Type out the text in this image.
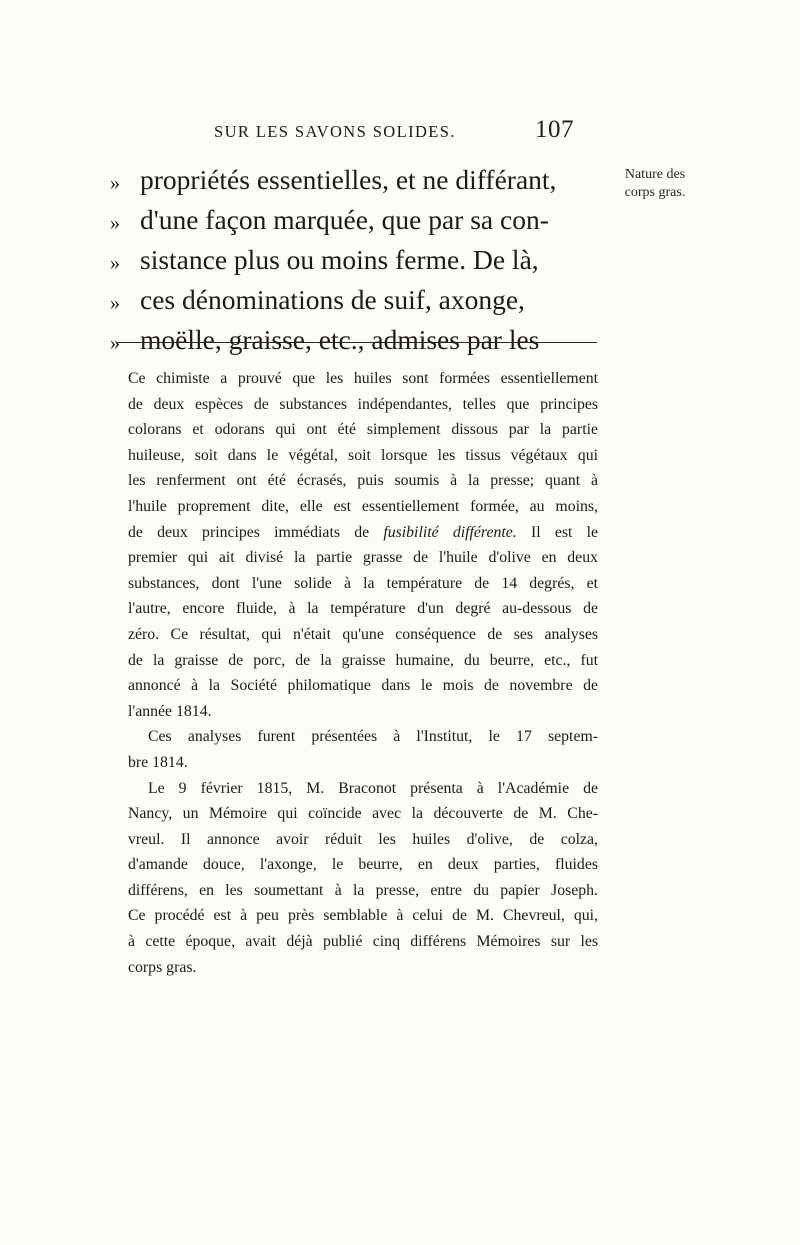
SUR LES SAVONS SOLIDES.	107
Nature des
corps gras.
» propriétés essentielles, et ne différant,
» d'une façon marquée, que par sa con-
» sistance plus ou moins ferme. De là,
» ces dénominations de suif, axonge,
» moëlle, graisse, etc., admises par les

Ce chimiste a prouvé que les huiles sont formées essentiellement
de deux espèces de substances indépendantes, telles que principes
colorans et odorans qui ont été simplement dissous par la partie
huileuse, soit dans le végétal, soit lorsque les tissus végétaux qui
les renferment ont été écrasés, puis soumis à la presse; quant à
l'huile proprement dite, elle est essentiellement formée, au moins,
de deux principes immédiats de fusibilité différente. Il est le
premier qui ait divisé la partie grasse de l'huile d'olive en deux
substances, dont l'une solide à la température de 14 degrés, et
l'autre, encore fluide, à la température d'un degré au-dessous de
zéro. Ce résultat, qui n'était qu'une conséquence de ses analyses
de la graisse de porc, de la graisse humaine, du beurre, etc., fut
annoncé à la Société philomatique dans le mois de novembre de
l'année 1814.

Ces analyses furent présentées à l'Institut, le 17 septem-
bre 1814.

Le 9 février 1815, M. Braconot présenta à l'Académie de
Nancy, un Mémoire qui coïncide avec la découverte de M. Che-
vreul. Il annonce avoir réduit les huiles d'olive, de colza,
d'amande douce, l'axonge, le beurre, en deux parties, fluides
différens, en les soumettant à la presse, entre du papier Joseph.
Ce procédé est à peu près semblable à celui de M. Chevreul, qui,
à cette époque, avait déjà publié cinq différens Mémoires sur les
corps gras.
